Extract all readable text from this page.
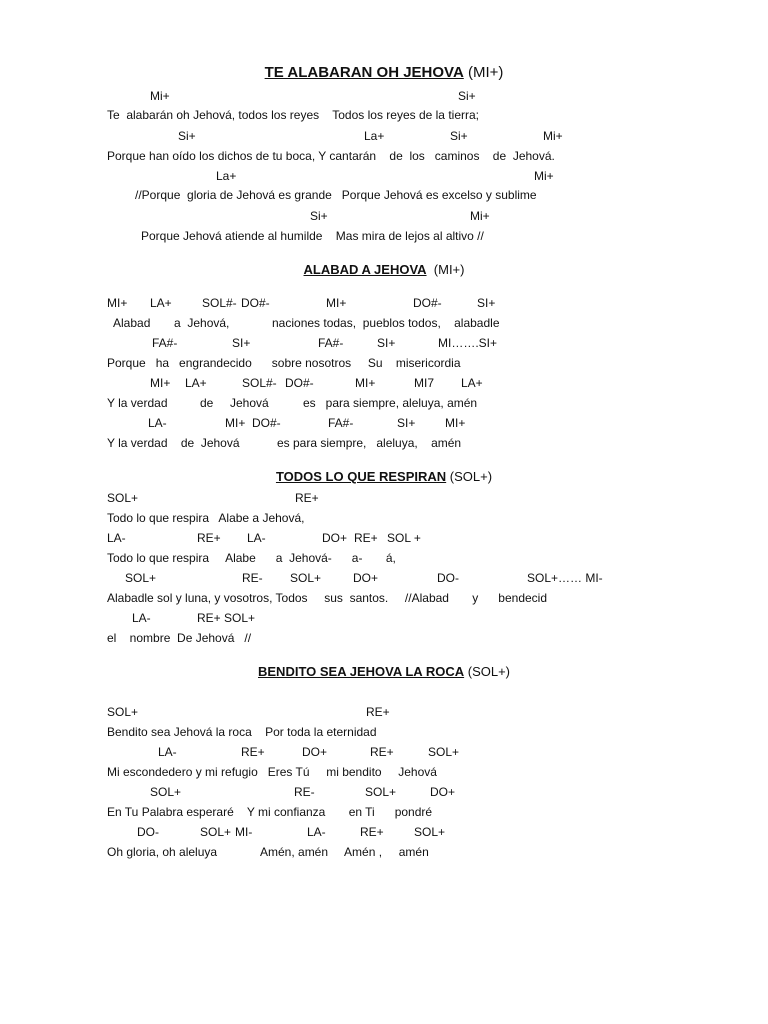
TE ALABARAN OH JEHOVA (MI+)

Mi+

	Si+

Te  alabarán oh Jehová, todos los reyes    Todos los reyes de la tierra;

Si+

	La+

	Si+

	Mi+

Porque han oído los dichos de tu boca, Y cantarán    de  los   caminos    de  Jehová.

La+

	Mi+

//Porque  gloria de Jehová es grande   Porque Jehová es excelso y sublime

Si+

	Mi+

Porque Jehová atiende al humilde    Mas mira de lejos al altivo //

ALABAD A JEHOVA (MI+)

MI+

LA+

	SOL#-

DO#-

	MI+

	DO#-

	SI+

Alabad

a  Jehová,

	naciones todas,  pueblos todos,    alabadle

FA#-

	SI+

	FA#-

	SI+

	MI…….SI+

Porque   ha   engrandecido      sobre nosotros     Su    misericordia

MI+

LA+

	SOL#-

DO#-

	MI+

	MI7

LA+

Y la verdad

	de

Jehová

	es   para siempre, aleluya, amén

LA-

	MI+

DO#-

	FA#-

	SI+

MI+

Y la verdad    de  Jehová

	es para siempre,   aleluya,    amén

TODOS LO QUE RESPIRAN (SOL+)

SOL+

	RE+

Todo lo que respira   Alabe a Jehová,

LA-

	RE+

LA-

	DO+

RE+

SOL +

Todo lo que respira     Alabe      a  Jehová-      a-       á,

SOL+

	RE-

SOL+

	DO+

	DO-

	SOL+…… MI-

Alabadle sol y luna, y vosotros, Todos     sus  santos.     //Alabad       y      bendecid

LA-

	RE+

SOL+

el    nombre  De Jehová   //

BENDITO SEA JEHOVA LA ROCA (SOL+)

SOL+

	RE+

Bendito sea Jehová la roca    Por toda la eternidad

LA-

	RE+

	DO+

	RE+

	SOL+

Mi escondedero y mi refugio   Eres Tú     mi bendito     Jehová

SOL+

	RE-

	SOL+

	DO+

En Tu Palabra esperaré    Y mi confianza       en Ti      pondré

DO-

	SOL+

MI-

	LA-

	RE+

	SOL+

Oh gloria, oh aleluya

	Amén, amén     Amén ,     amén
